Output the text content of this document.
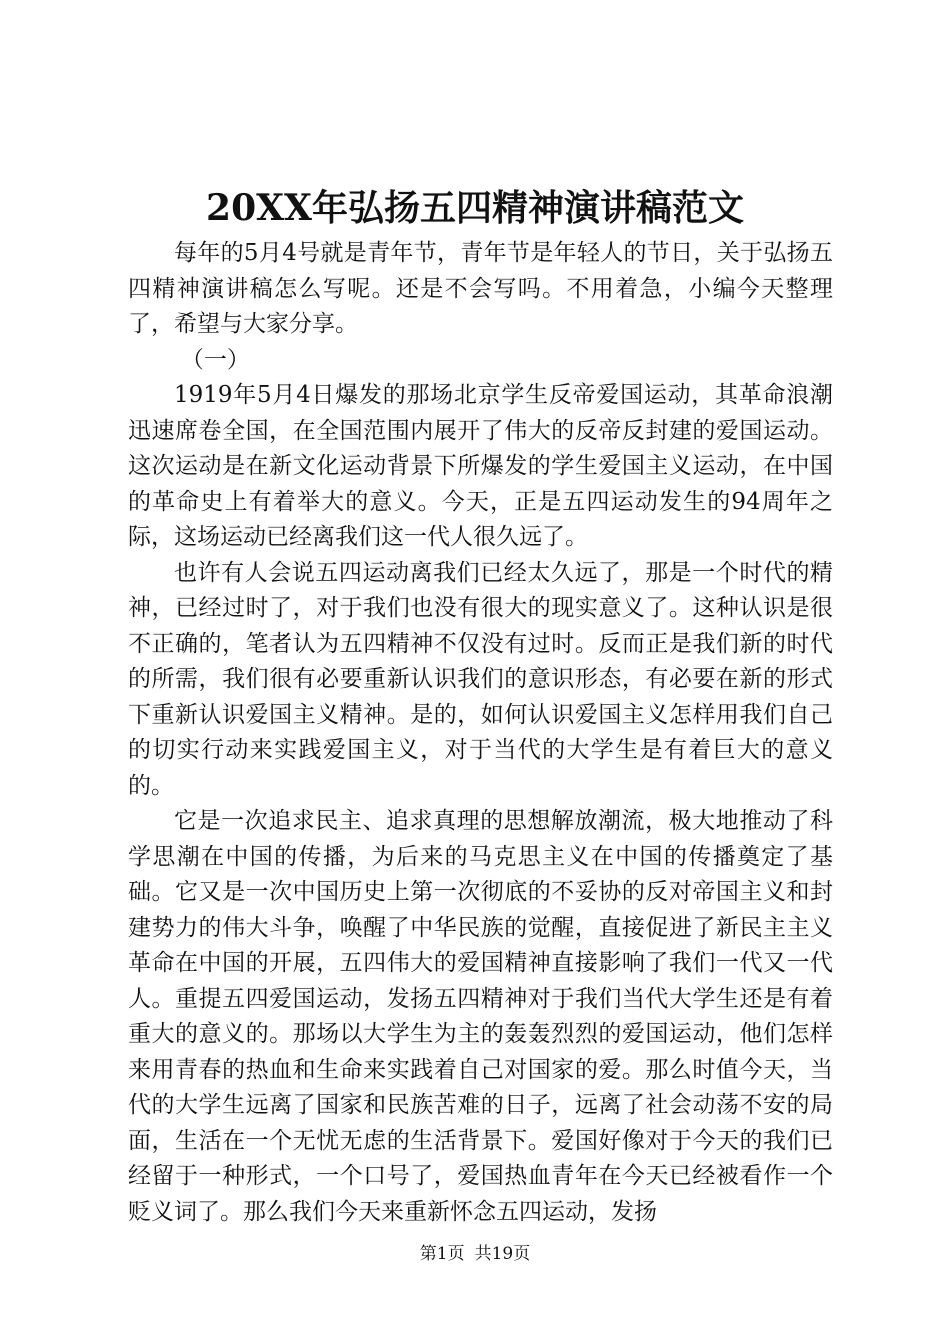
20XX年弘扬五四精神演讲稿范文

每年的5月4号就是青年节，青年节是年轻人的节日，关于弘扬五四精神演讲稿怎么写呢。还是不会写吗。不用着急，小编今天整理了，希望与大家分享。

（一）

1919年5月4日爆发的那场北京学生反帝爱国运动，其革命浪潮迅速席卷全国，在全国范围内展开了伟大的反帝反封建的爱国运动。这次运动是在新文化运动背景下所爆发的学生爱国主义运动，在中国的革命史上有着举大的意义。今天，正是五四运动发生的94周年之际，这场运动已经离我们这一代人很久远了。

也许有人会说五四运动离我们已经太久远了，那是一个时代的精神，已经过时了，对于我们也没有很大的现实意义了。这种认识是很不正确的，笔者认为五四精神不仅没有过时。反而正是我们新的时代的所需，我们很有必要重新认识我们的意识形态，有必要在新的形式下重新认识爱国主义精神。是的，如何认识爱国主义怎样用我们自己的切实行动来实践爱国主义，对于当代的大学生是有着巨大的意义的。

它是一次追求民主、追求真理的思想解放潮流，极大地推动了科学思潮在中国的传播，为后来的马克思主义在中国的传播奠定了基础。它又是一次中国历史上第一次彻底的不妥协的反对帝国主义和封建势力的伟大斗争，唤醒了中华民族的觉醒，直接促进了新民主主义革命在中国的开展，五四伟大的爱国精神直接影响了我们一代又一代人。重提五四爱国运动，发扬五四精神对于我们当代大学生还是有着重大的意义的。那场以大学生为主的轰轰烈烈的爱国运动，他们怎样来用青春的热血和生命来实践着自己对国家的爱。那么时值今天，当代的大学生远离了国家和民族苦难的日子，远离了社会动荡不安的局面，生活在一个无忧无虑的生活背景下。爱国好像对于今天的我们已经留于一种形式，一个口号了，爱国热血青年在今天已经被看作一个贬义词了。那么我们今天来重新怀念五四运动，发扬

第1页 共19页
